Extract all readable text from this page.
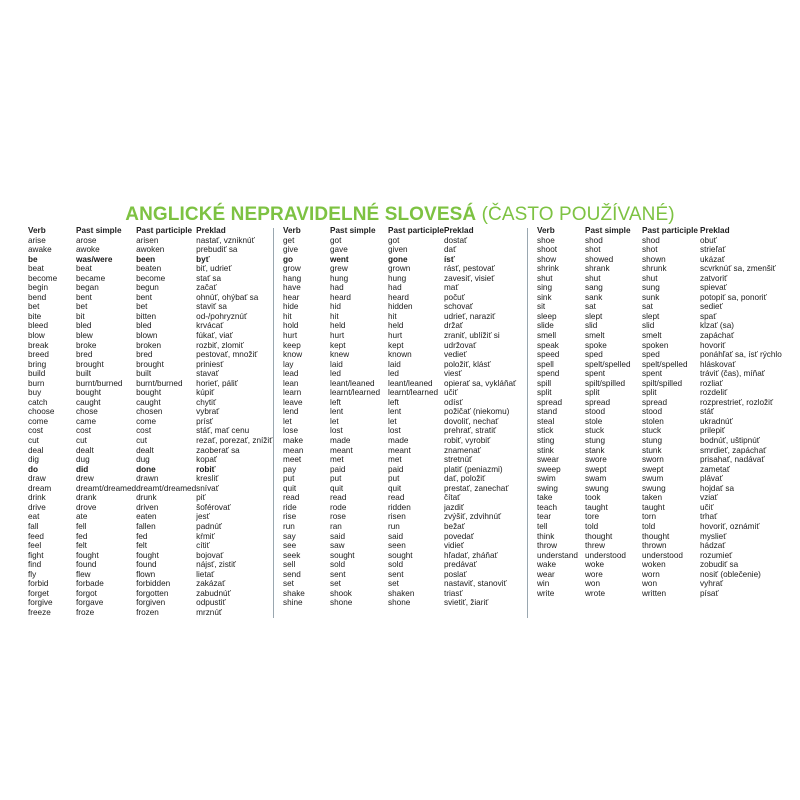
ANGLICKÉ NEPRAVIDELNÉ SLOVESÁ (ČASTO POUŽÍVANÉ)
Verb	Past simple	Past participle	Preklad
arise	arose	arisen	nastať, vzniknúť
awake	awoke	awoken	prebudiť sa
be	was/were	been	byť
beat	beat	beaten	biť, udrieť
become	became	become	stať sa
begin	began	begun	začať
bend	bent	bent	ohnúť, ohýbať sa
bet	bet	bet	staviť sa
bite	bit	bitten	od-/pohryznúť
bleed	bled	bled	krvácať
blow	blew	blown	fúkať, viať
break	broke	broken	rozbiť, zlomiť
breed	bred	bred	pestovať, množiť
bring	brought	brought	priniesť
build	built	built	stavať
burn	burnt/burned	burnt/burned	horieť, páliť
buy	bought	bought	kúpiť
catch	caught	caught	chytiť
choose	chose	chosen	vybrať
come	came	come	prísť
cost	cost	cost	stáť, mať cenu
cut	cut	cut	rezať, porezať, znížiť
deal	dealt	dealt	zaoberať sa
dig	dug	dug	kopať
do	did	done	robiť
draw	drew	drawn	kresliť
dream	dreamt/dreamed	dreamt/dreamed	snívať
drink	drank	drunk	piť
drive	drove	driven	šoférovať
eat	ate	eaten	jesť
fall	fell	fallen	padnúť
feed	fed	fed	kŕmiť
feel	felt	felt	cítiť
fight	fought	fought	bojovať
find	found	found	nájsť, zistiť
fly	flew	flown	lietať
forbid	forbade	forbidden	zakázať
forget	forgot	forgotten	zabudnúť
forgive	forgave	forgiven	odpustiť
freeze	froze	frozen	mrznúť
Verb	Past simple	Past participle	Preklad
get	got	got	dostať
give	gave	given	dať
go	went	gone	ísť
grow	grew	grown	rásť, pestovať
hang	hung	hung	zavesiť, visieť
have	had	had	mať
hear	heard	heard	počuť
hide	hid	hidden	schovať
hit	hit	hit	udrieť, naraziť
hold	held	held	držať
hurt	hurt	hurt	zraniť, ublížiť si
keep	kept	kept	udržovať
know	knew	known	vedieť
lay	laid	laid	položiť, klásť
lead	led	led	viesť
lean	leant/leaned	leant/leaned	opierať sa, vykláňať
learn	learnt/learned	learnt/learned	učiť
leave	left	left	odísť
lend	lent	lent	požičať (niekomu)
let	let	let	dovoliť, nechať
lose	lost	lost	prehrať, stratiť
make	made	made	robiť, vyrobiť
mean	meant	meant	znamenať
meet	met	met	stretnúť
pay	paid	paid	platiť (peniazmi)
put	put	put	dať, položiť
quit	quit	quit	prestať, zanechať
read	read	read	čítať
ride	rode	ridden	jazdiť
rise	rose	risen	zvýšiť, zdvihnúť
run	ran	run	bežať
say	said	said	povedať
see	saw	seen	vidieť
seek	sought	sought	hľadať, zháňať
sell	sold	sold	predávať
send	sent	sent	poslať
set	set	set	nastaviť, stanoviť
shake	shook	shaken	triasť
shine	shone	shone	svietiť, žiariť
Verb	Past simple	Past participle	Preklad
shoe	shod	shod	obuť
shoot	shot	shot	strieľať
show	showed	shown	ukázať
shrink	shrank	shrunk	scvrknúť sa, zmenšiť
shut	shut	shut	zatvoriť
sing	sang	sung	spievať
sink	sank	sunk	potopiť sa, ponoriť
sit	sat	sat	sedieť
sleep	slept	slept	spať
slide	slid	slid	kĺzať (sa)
smell	smelt	smelt	zapáchať
speak	spoke	spoken	hovoriť
speed	sped	sped	ponáhľať sa, ísť rýchlo
spell	spelt/spelled	spelt/spelled	hláskovať
spend	spent	spent	tráviť (čas), míňať
spill	spilt/spilled	spilt/spilled	rozliať
split	split	split	rozdeliť
spread	spread	spread	rozprestrieť, rozložiť
stand	stood	stood	stáť
steal	stole	stolen	ukradnúť
stick	stuck	stuck	prilepiť
sting	stung	stung	bodnúť, uštipnúť
stink	stank	stunk	smrdieť, zapáchať
swear	swore	sworn	prisahať, nadávať
sweep	swept	swept	zametať
swim	swam	swum	plávať
swing	swung	swung	hojdať sa
take	took	taken	vziať
teach	taught	taught	učiť
tear	tore	torn	trhať
tell	told	told	hovoriť, oznámiť
think	thought	thought	myslieť
throw	threw	thrown	hádzať
understand	understood	understood	rozumieť
wake	woke	woken	zobudiť sa
wear	wore	worn	nosiť (oblečenie)
win	won	won	vyhrať
write	wrote	written	písať
